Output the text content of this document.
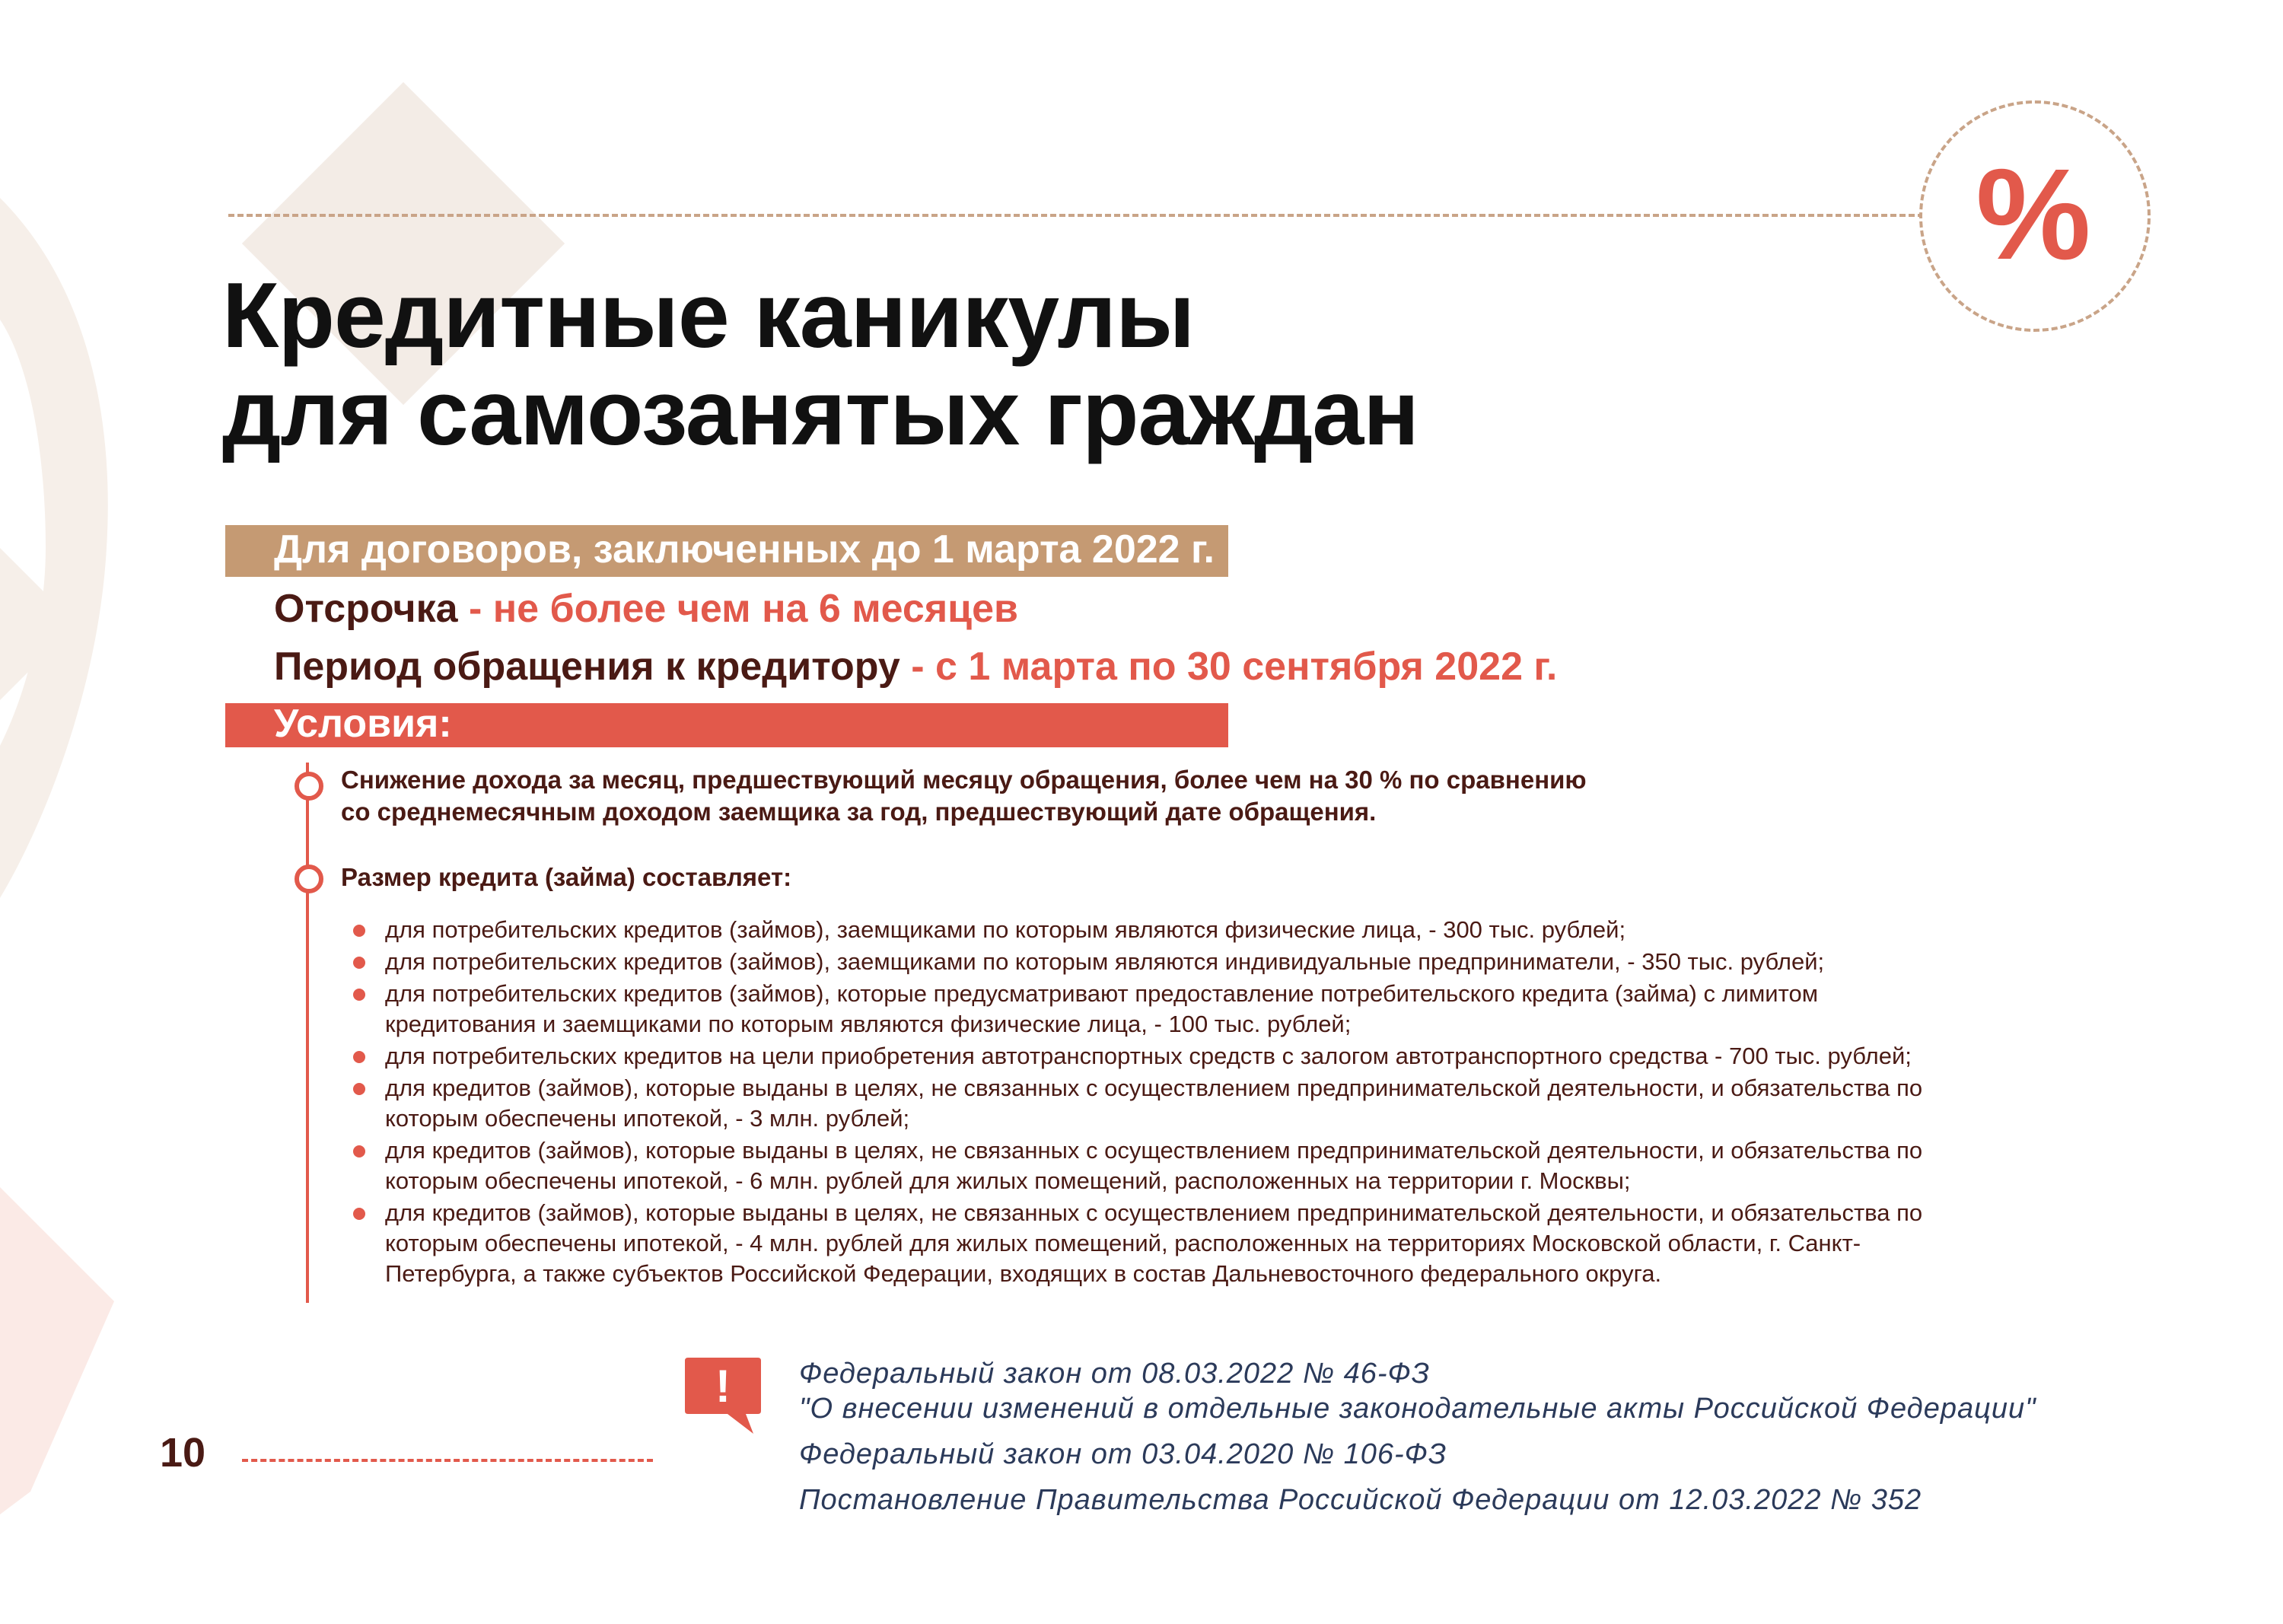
%
Кредитные каникулы
для самозанятых граждан
Для договоров, заключенных до 1 марта 2022 г.
Отсрочка - не более чем на 6 месяцев
Период обращения к кредитору - с 1 марта по 30 сентября 2022 г.
Условия:
Снижение дохода за месяц, предшествующий месяцу обращения, более чем на 30 % по сравнению
со среднемесячным доходом заемщика за год, предшествующий дате обращения.
Размер кредита (займа) составляет:
для потребительских кредитов (займов), заемщиками по которым являются физические лица, - 300 тыс. рублей;
для потребительских кредитов (займов), заемщиками по которым являются индивидуальные предприниматели, - 350 тыс. рублей;
для потребительских кредитов (займов), которые предусматривают предоставление потребительского кредита (займа) с лимитом
кредитования и заемщиками по которым являются физические лица, - 100 тыс. рублей;
для потребительских кредитов на цели приобретения автотранспортных средств с залогом автотранспортного средства - 700 тыс. рублей;
для кредитов (займов), которые выданы в целях, не связанных с осуществлением предпринимательской деятельности, и обязательства по
которым обеспечены ипотекой, - 3 млн. рублей;
для кредитов (займов), которые выданы в целях, не связанных с осуществлением предпринимательской деятельности, и обязательства по
которым обеспечены ипотекой, - 6 млн. рублей для жилых помещений, расположенных на территории г. Москвы;
для кредитов (займов), которые выданы в целях, не связанных с осуществлением предпринимательской деятельности, и обязательства по
которым обеспечены ипотекой, - 4 млн. рублей для жилых помещений, расположенных на территориях Московской области, г. Санкт-
Петербурга, а также субъектов Российской Федерации, входящих в состав Дальневосточного федерального округа.
10
! Федеральный закон от 08.03.2022 № 46-ФЗ
"О внесении изменений в отдельные законодательные акты Российской Федерации"
Федеральный закон от 03.04.2020 № 106-ФЗ
Постановление Правительства Российской Федерации от 12.03.2022 № 352
